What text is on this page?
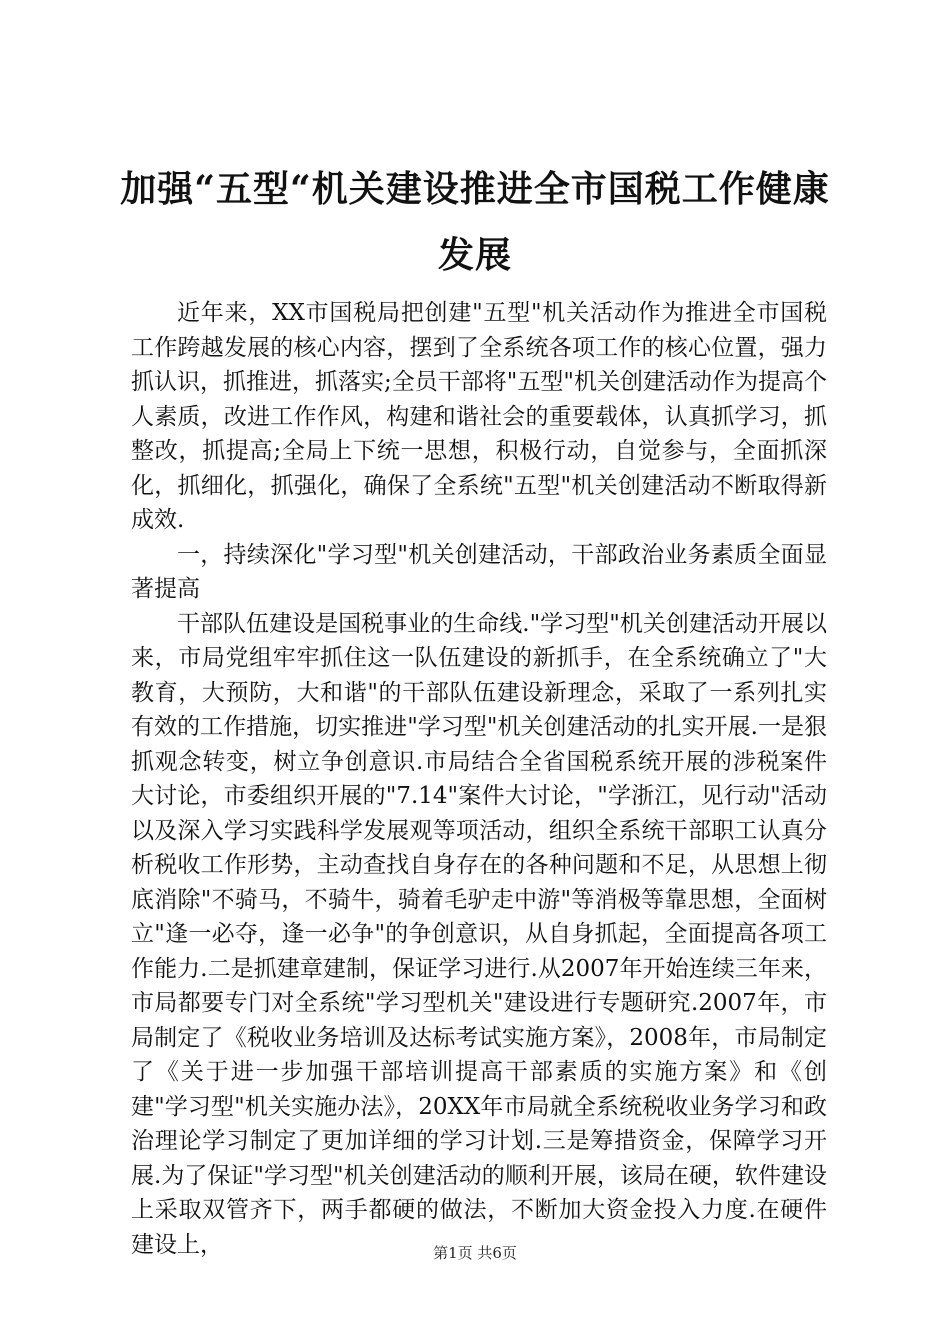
加强“五型“机关建设推进全市国税工作健康发展

近年来，XX市国税局把创建"五型"机关活动作为推进全市国税工作跨越发展的核心内容，摆到了全系统各项工作的核心位置，强力抓认识，抓推进，抓落实;全员干部将"五型"机关创建活动作为提高个人素质，改进工作作风，构建和谐社会的重要载体，认真抓学习，抓整改，抓提高;全局上下统一思想，积极行动，自觉参与，全面抓深化，抓细化，抓强化，确保了全系统"五型"机关创建活动不断取得新成效.

一，持续深化"学习型"机关创建活动，干部政治业务素质全面显著提高

干部队伍建设是国税事业的生命线."学习型"机关创建活动开展以来，市局党组牢牢抓住这一队伍建设的新抓手，在全系统确立了"大教育，大预防，大和谐"的干部队伍建设新理念，采取了一系列扎实有效的工作措施，切实推进"学习型"机关创建活动的扎实开展.一是狠抓观念转变，树立争创意识.市局结合全省国税系统开展的涉税案件大讨论，市委组织开展的"7.14"案件大讨论，"学浙江，见行动"活动以及深入学习实践科学发展观等项活动，组织全系统干部职工认真分析税收工作形势，主动查找自身存在的各种问题和不足，从思想上彻底消除"不骑马，不骑牛，骑着毛驴走中游"等消极等靠思想，全面树立"逢一必夺，逢一必争"的争创意识，从自身抓起，全面提高各项工作能力.二是抓建章建制，保证学习进行.从2007年开始连续三年来，市局都要专门对全系统"学习型机关"建设进行专题研究.2007年，市局制定了《税收业务培训及达标考试实施方案》，2008年，市局制定了《关于进一步加强干部培训提高干部素质的实施方案》和《创建"学习型"机关实施办法》，20XX年市局就全系统税收业务学习和政治理论学习制定了更加详细的学习计划.三是筹措资金，保障学习开展.为了保证"学习型"机关创建活动的顺利开展，该局在硬，软件建设上采取双管齐下，两手都硬的做法，不断加大资金投入力度.在硬件建设上，	第1页 共6页
